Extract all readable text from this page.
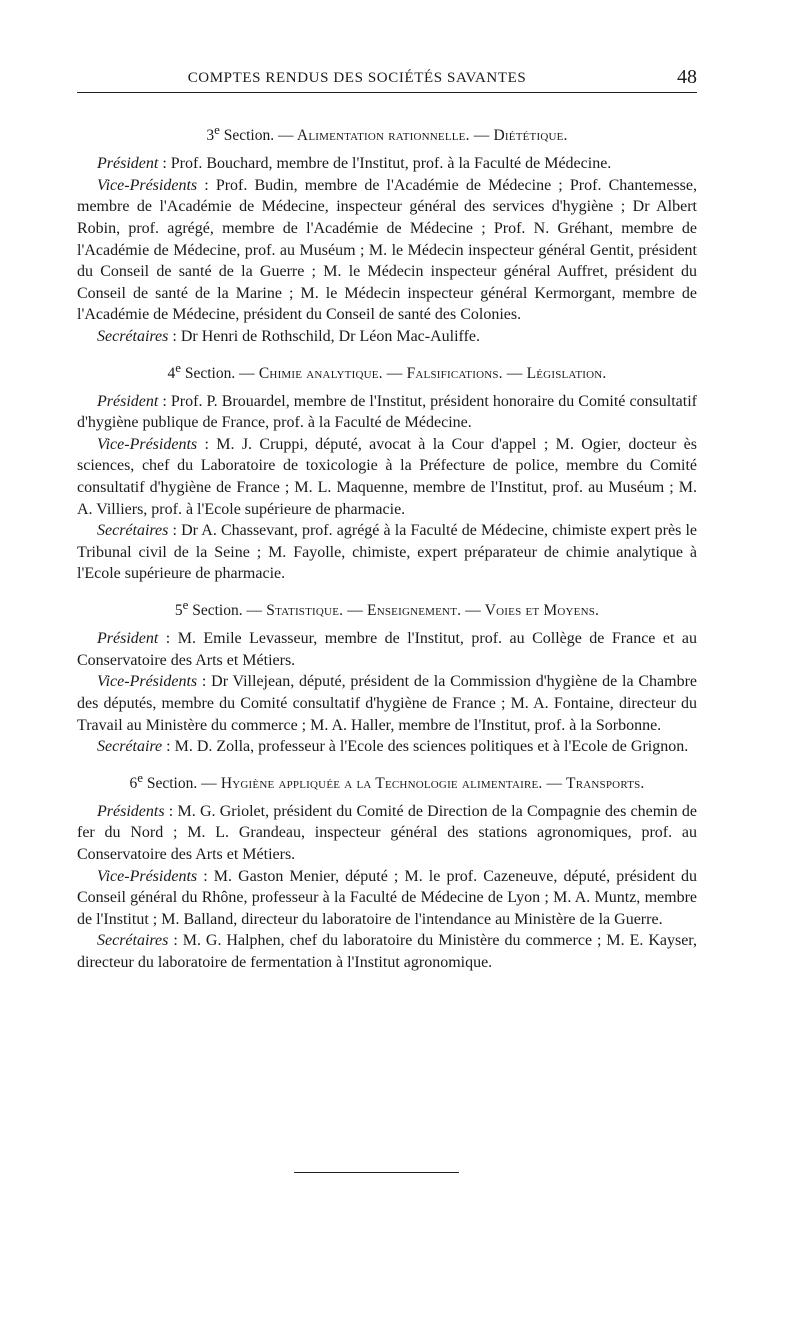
COMPTES RENDUS DES SOCIÉTÉS SAVANTES	48

3e Section. — Alimentation rationnelle. — Diététique.

Président : Prof. Bouchard, membre de l'Institut, prof. à la Faculté de Médecine.

Vice-Présidents : Prof. Budin, membre de l'Académie de Médecine ; Prof. Chantemesse, membre de l'Académie de Médecine, inspecteur général des services d'hygiène ; Dr Albert Robin, prof. agrégé, membre de l'Académie de Médecine ; Prof. N. Gréhant, membre de l'Académie de Médecine, prof. au Muséum ; M. le Médecin inspecteur général Gentit, président du Conseil de santé de la Guerre ; M. le Médecin inspecteur général Auffret, président du Conseil de santé de la Marine ; M. le Médecin inspecteur général Kermorgant, membre de l'Académie de Médecine, président du Conseil de santé des Colonies.

Secrétaires : Dr Henri de Rothschild, Dr Léon Mac-Auliffe.

4e Section. — Chimie analytique. — Falsifications. — Législation.

Président : Prof. P. Brouardel, membre de l'Institut, président honoraire du Comité consultatif d'hygiène publique de France, prof. à la Faculté de Médecine.

Vice-Présidents : M. J. Cruppi, député, avocat à la Cour d'appel ; M. Ogier, docteur ès sciences, chef du Laboratoire de toxicologie à la Préfecture de police, membre du Comité consultatif d'hygiène de France ; M. L. Maquenne, membre de l'Institut, prof. au Muséum ; M. A. Villiers, prof. à l'Ecole supérieure de pharmacie.

Secrétaires : Dr A. Chassevant, prof. agrégé à la Faculté de Médecine, chimiste expert près le Tribunal civil de la Seine ; M. Fayolle, chimiste, expert préparateur de chimie analytique à l'Ecole supérieure de pharmacie.

5e Section. — Statistique. — Enseignement. — Voies et Moyens.

Président : M. Emile Levasseur, membre de l'Institut, prof. au Collège de France et au Conservatoire des Arts et Métiers.

Vice-Présidents : Dr Villejean, député, président de la Commission d'hygiène de la Chambre des députés, membre du Comité consultatif d'hygiène de France ; M. A. Fontaine, directeur du Travail au Ministère du commerce ; M. A. Haller, membre de l'Institut, prof. à la Sorbonne.

Secrétaire : M. D. Zolla, professeur à l'Ecole des sciences politiques et à l'Ecole de Grignon.

6e Section. — Hygiène appliquée a la Technologie alimentaire. — Transports.

Présidents : M. G. Griolet, président du Comité de Direction de la Compagnie des chemin de fer du Nord ; M. L. Grandeau, inspecteur général des stations agronomiques, prof. au Conservatoire des Arts et Métiers.

Vice-Présidents : M. Gaston Menier, député ; M. le prof. Cazeneuve, député, président du Conseil général du Rhône, professeur à la Faculté de Médecine de Lyon ; M. A. Muntz, membre de l'Institut ; M. Balland, directeur du laboratoire de l'intendance au Ministère de la Guerre.

Secrétaires : M. G. Halphen, chef du laboratoire du Ministère du commerce ; M. E. Kayser, directeur du laboratoire de fermentation à l'Institut agronomique.
